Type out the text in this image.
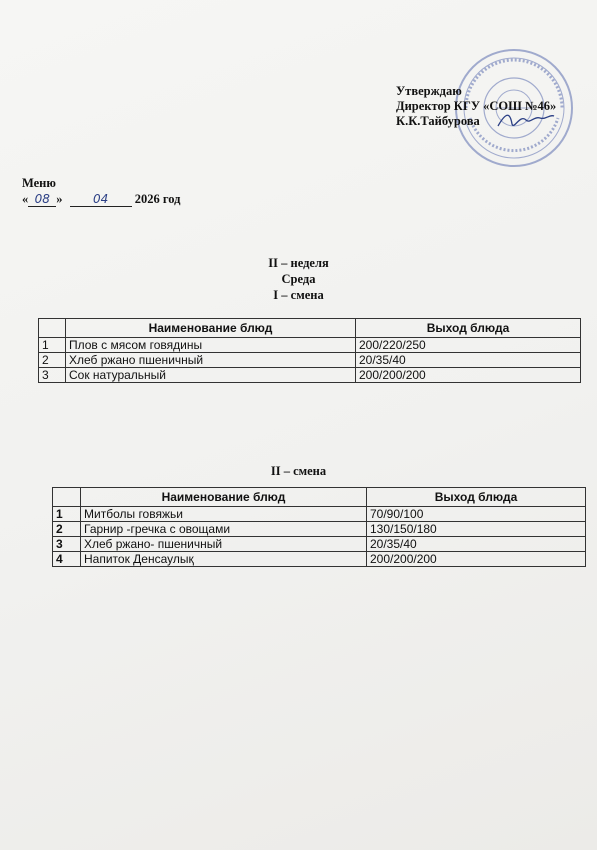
Утверждаю
Директор КГУ «СОШ №46»
К.К.Тайбурова
Меню
« 08 »	04 2026 год
II – неделя
Среда
I – смена
	Наименование блюд	Выход блюда
1	Плов с мясом говядины	200/220/250
2	Хлеб ржано пшеничный	20/35/40
3	Сок натуральный	200/200/200
II – смена
	Наименование блюд	Выход блюда
1	Митболы говяжьи	70/90/100
2	Гарнир -гречка с овощами	130/150/180
3	Хлеб ржано- пшеничный	20/35/40
4	Напиток Денсаулық	200/200/200
